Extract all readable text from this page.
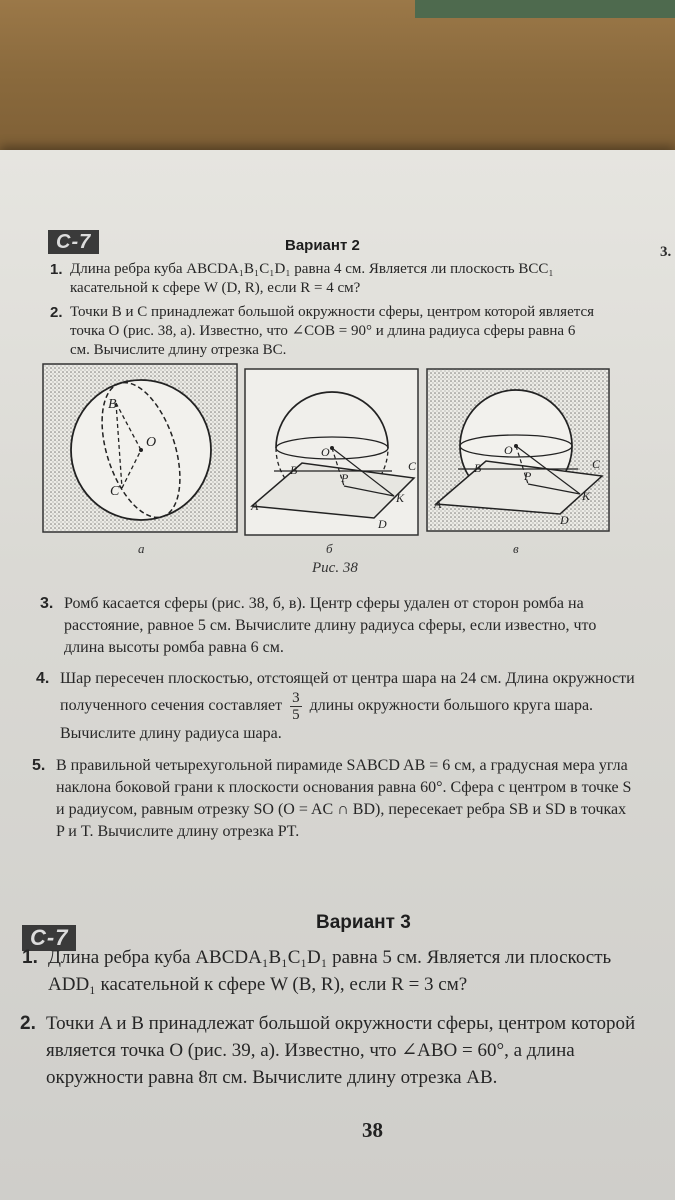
3.
С-7	Вариант 2
1. Длина ребра куба ABCDA₁B₁C₁D₁ равна 4 см. Является ли плоскость BCC₁ касательной к сфере W (D, R), если R = 4 см?
2. Точки B и C принадлежат большой окружности сферы, центром которой является точка O (рис. 38, а). Известно, что ∠COB = 90° и длина радиуса сферы равна 6 см. Вычислите длину отрезка BC.
B
O
C
O
B
P
C
K
A
D
O
B
P
C
K
A
D
а	б	в
Рис. 38
3. Ромб касается сферы (рис. 38, б, в). Центр сферы удален от сторон ромба на расстояние, равное 5 см. Вычислите длину радиуса сферы, если известно, что длина высоты ромба равна 6 см.
4. Шар пересечен плоскостью, отстоящей от центра шара на 24 см. Длина окружности полученного сечения составляет $\frac{3}{5}$ длины окружности большого круга шара. Вычислите длину радиуса шара.
5. В правильной четырехугольной пирамиде SABCD AB = 6 см, а градусная мера угла наклона боковой грани к плоскости основания равна 60°. Сфера с центром в точке S и радиусом, равным отрезку SO (O = AC ∩ BD), пересекает ребра SB и SD в точках P и T. Вычислите длину отрезка PT.
С-7
Вариант 3
1. Длина ребра куба ABCDA₁B₁C₁D₁ равна 5 см. Является ли плоскость ADD₁ касательной к сфере W (B, R), если R = 3 см?
2. Точки A и B принадлежат большой окружности сферы, центром которой является точка O (рис. 39, а). Известно, что ∠ABO = 60°, а длина окружности равна 8π см. Вычислите длину отрезка AB.
38
